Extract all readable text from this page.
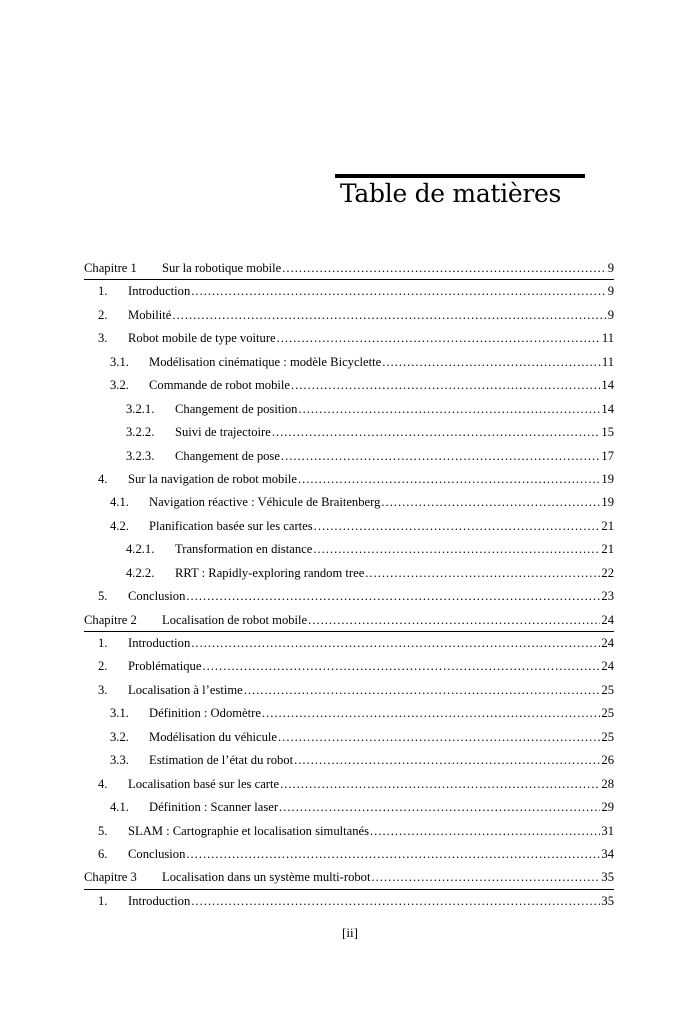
Table de matières
Chapitre 1	Sur la robotique mobile .....	9
1.	Introduction .....	9
2.	Mobilité .....	9
3.	Robot mobile de type voiture .....	11
3.1.	Modélisation cinématique : modèle Bicyclette .....	11
3.2.	Commande de robot mobile .....	14
3.2.1.	Changement de position .....	14
3.2.2.	Suivi de trajectoire .....	15
3.2.3.	Changement de pose .....	17
4.	Sur la navigation de robot mobile .....	19
4.1.	Navigation réactive : Véhicule de Braitenberg .....	19
4.2.	Planification basée sur les cartes .....	21
4.2.1.	Transformation en distance .....	21
4.2.2.	RRT : Rapidly-exploring random tree .....	22
5.	Conclusion .....	23
Chapitre 2	Localisation de robot mobile .....	24
1.	Introduction .....	24
2.	Problématique .....	24
3.	Localisation à l’estime .....	25
3.1.	Définition : Odomètre .....	25
3.2.	Modélisation du véhicule .....	25
3.3.	Estimation de l’état du robot .....	26
4.	Localisation basé sur les carte .....	28
4.1.	Définition : Scanner laser .....	29
5.	SLAM : Cartographie et localisation simultanés .....	31
6.	Conclusion .....	34
Chapitre 3	Localisation dans un système multi-robot .....	35
1.	Introduction .....	35
[ii]
